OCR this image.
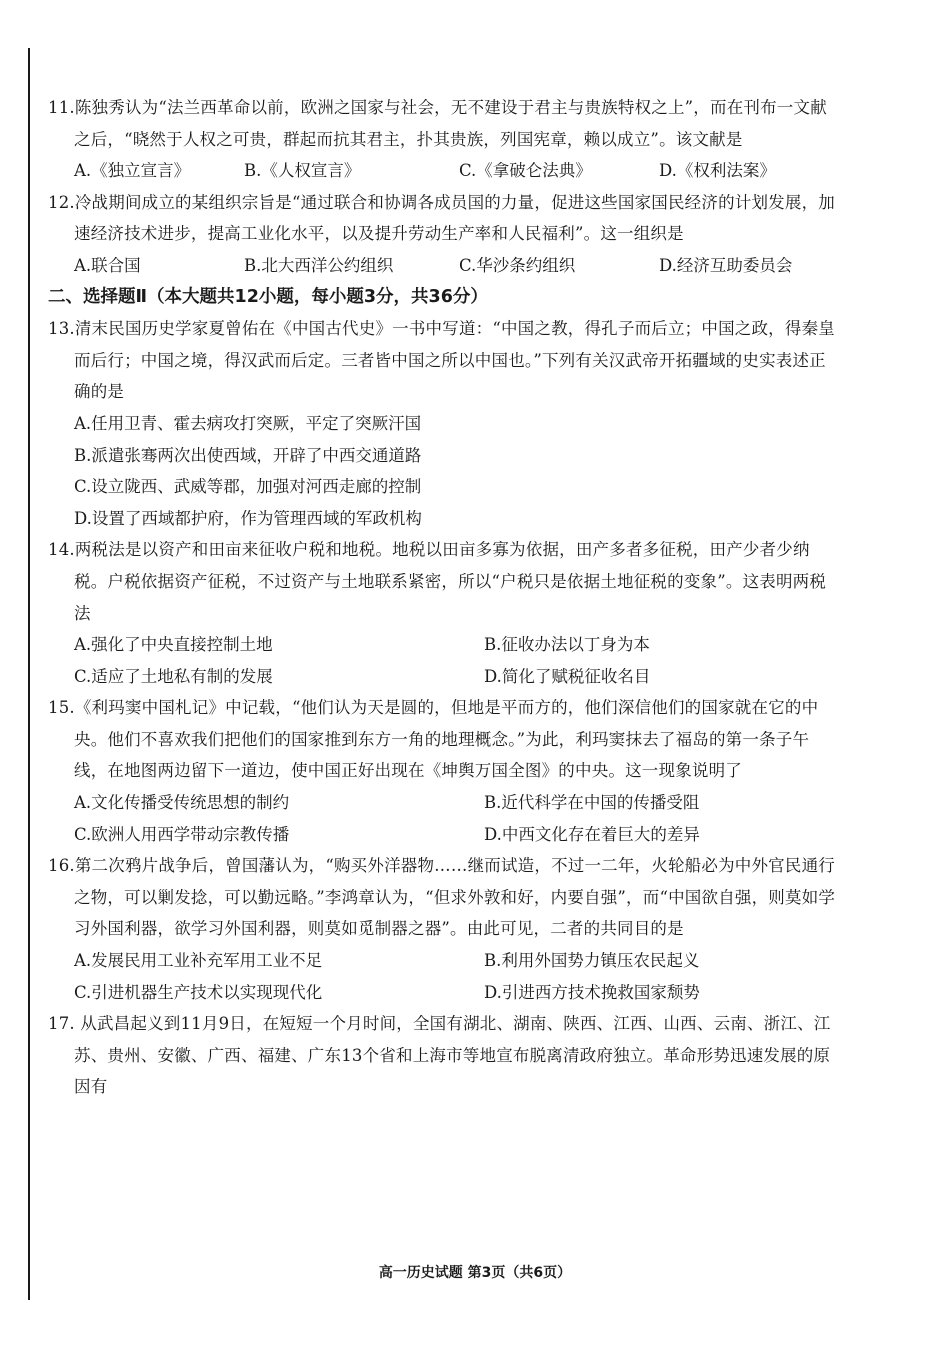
11.陈独秀认为“法兰西革命以前，欧洲之国家与社会，无不建设于君主与贵族特权之上”，而在刊布一文献之后，“晓然于人权之可贵，群起而抗其君主，扑其贵族，列国宪章，赖以成立”。该文献是
A.《独立宣言》	B.《人权宣言》	C.《拿破仑法典》	D.《权利法案》
12.冷战期间成立的某组织宗旨是“通过联合和协调各成员国的力量，促进这些国家国民经济的计划发展，加速经济技术进步，提高工业化水平，以及提升劳动生产率和人民福利”。这一组织是
A.联合国	B.北大西洋公约组织	C.华沙条约组织	D.经济互助委员会
二、选择题Ⅱ（本大题共12小题，每小题3分，共36分）
13.清末民国历史学家夏曾佑在《中国古代史》一书中写道：“中国之教，得孔子而后立；中国之政，得秦皇而后行；中国之境，得汉武而后定。三者皆中国之所以中国也。”下列有关汉武帝开拓疆域的史实表述正确的是
A.任用卫青、霍去病攻打突厥，平定了突厥汗国
B.派遣张骞两次出使西域，开辟了中西交通道路
C.设立陇西、武威等郡，加强对河西走廊的控制
D.设置了西域都护府，作为管理西域的军政机构
14.两税法是以资产和田亩来征收户税和地税。地税以田亩多寡为依据，田产多者多征税，田产少者少纳税。户税依据资产征税，不过资产与土地联系紧密，所以“户税只是依据土地征税的变象”。这表明两税法
A.强化了中央直接控制土地	B.征收办法以丁身为本
C.适应了土地私有制的发展	D.简化了赋税征收名目
15.《利玛窦中国札记》中记载，“他们认为天是圆的，但地是平而方的，他们深信他们的国家就在它的中央。他们不喜欢我们把他们的国家推到东方一角的地理概念。”为此，利玛窦抹去了福岛的第一条子午线，在地图两边留下一道边，使中国正好出现在《坤舆万国全图》的中央。这一现象说明了
A.文化传播受传统思想的制约	B.近代科学在中国的传播受阻
C.欧洲人用西学带动宗教传播	D.中西文化存在着巨大的差异
16.第二次鸦片战争后，曾国藩认为，“购买外洋器物……继而试造，不过一二年，火轮船必为中外官民通行之物，可以剿发捻，可以勤远略。”李鸿章认为，“但求外敦和好，内要自强”，而“中国欲自强，则莫如学习外国利器，欲学习外国利器，则莫如觅制器之器”。由此可见，二者的共同目的是
A.发展民用工业补充军用工业不足	B.利用外国势力镇压农民起义
C.引进机器生产技术以实现现代化	D.引进西方技术挽救国家颓势
17. 从武昌起义到11月9日，在短短一个月时间，全国有湖北、湖南、陕西、江西、山西、云南、浙江、江苏、贵州、安徽、广西、福建、广东13个省和上海市等地宣布脱离清政府独立。革命形势迅速发展的原因有
高一历史试题 第3页（共6页）
